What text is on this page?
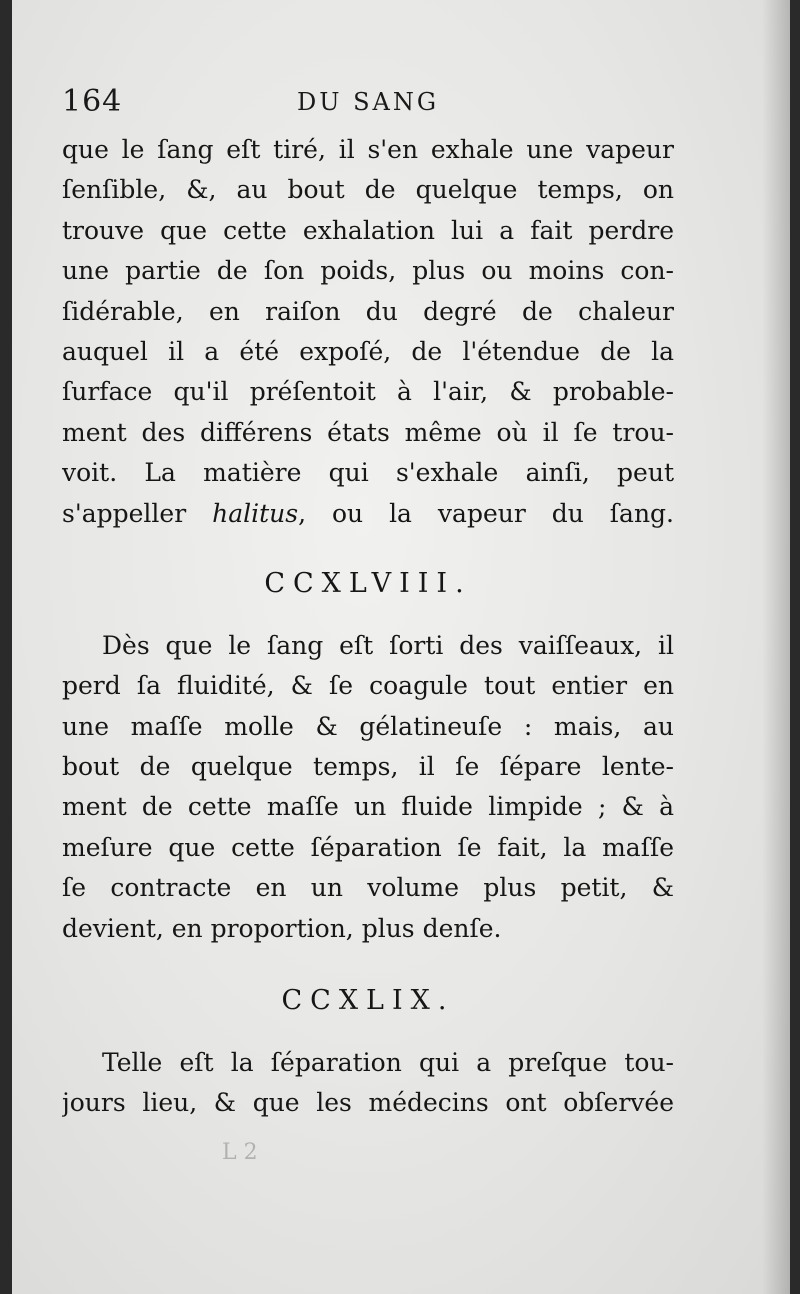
164	DU SANG
que le ſang eſt tiré, il s'en exhale une vapeur
ſenſible, &, au bout de quelque temps, on
trouve que cette exhalation lui a fait perdre
une partie de ſon poids, plus ou moins con-
ſidérable, en raiſon du degré de chaleur
auquel il a été expoſé, de l'étendue de la
ſurface qu'il préſentoit à l'air, & probable-
ment des différens états même où il ſe trou-
voit. La matière qui s'exhale ainſi, peut
s'appeller halitus, ou la vapeur du ſang.
CCXLVIII.
Dès que le ſang eſt ſorti des vaiſſeaux, il
perd ſa fluidité, & ſe coagule tout entier en
une maſſe molle & gélatineuſe : mais, au
bout de quelque temps, il ſe ſépare lente-
ment de cette maſſe un fluide limpide ; & à
meſure que cette ſéparation ſe fait, la maſſe
ſe contracte en un volume plus petit, &
devient, en proportion, plus denſe.
CCXLIX.
Telle eſt la ſéparation qui a preſque tou-
jours lieu, & que les médecins ont obſervée
L 2
